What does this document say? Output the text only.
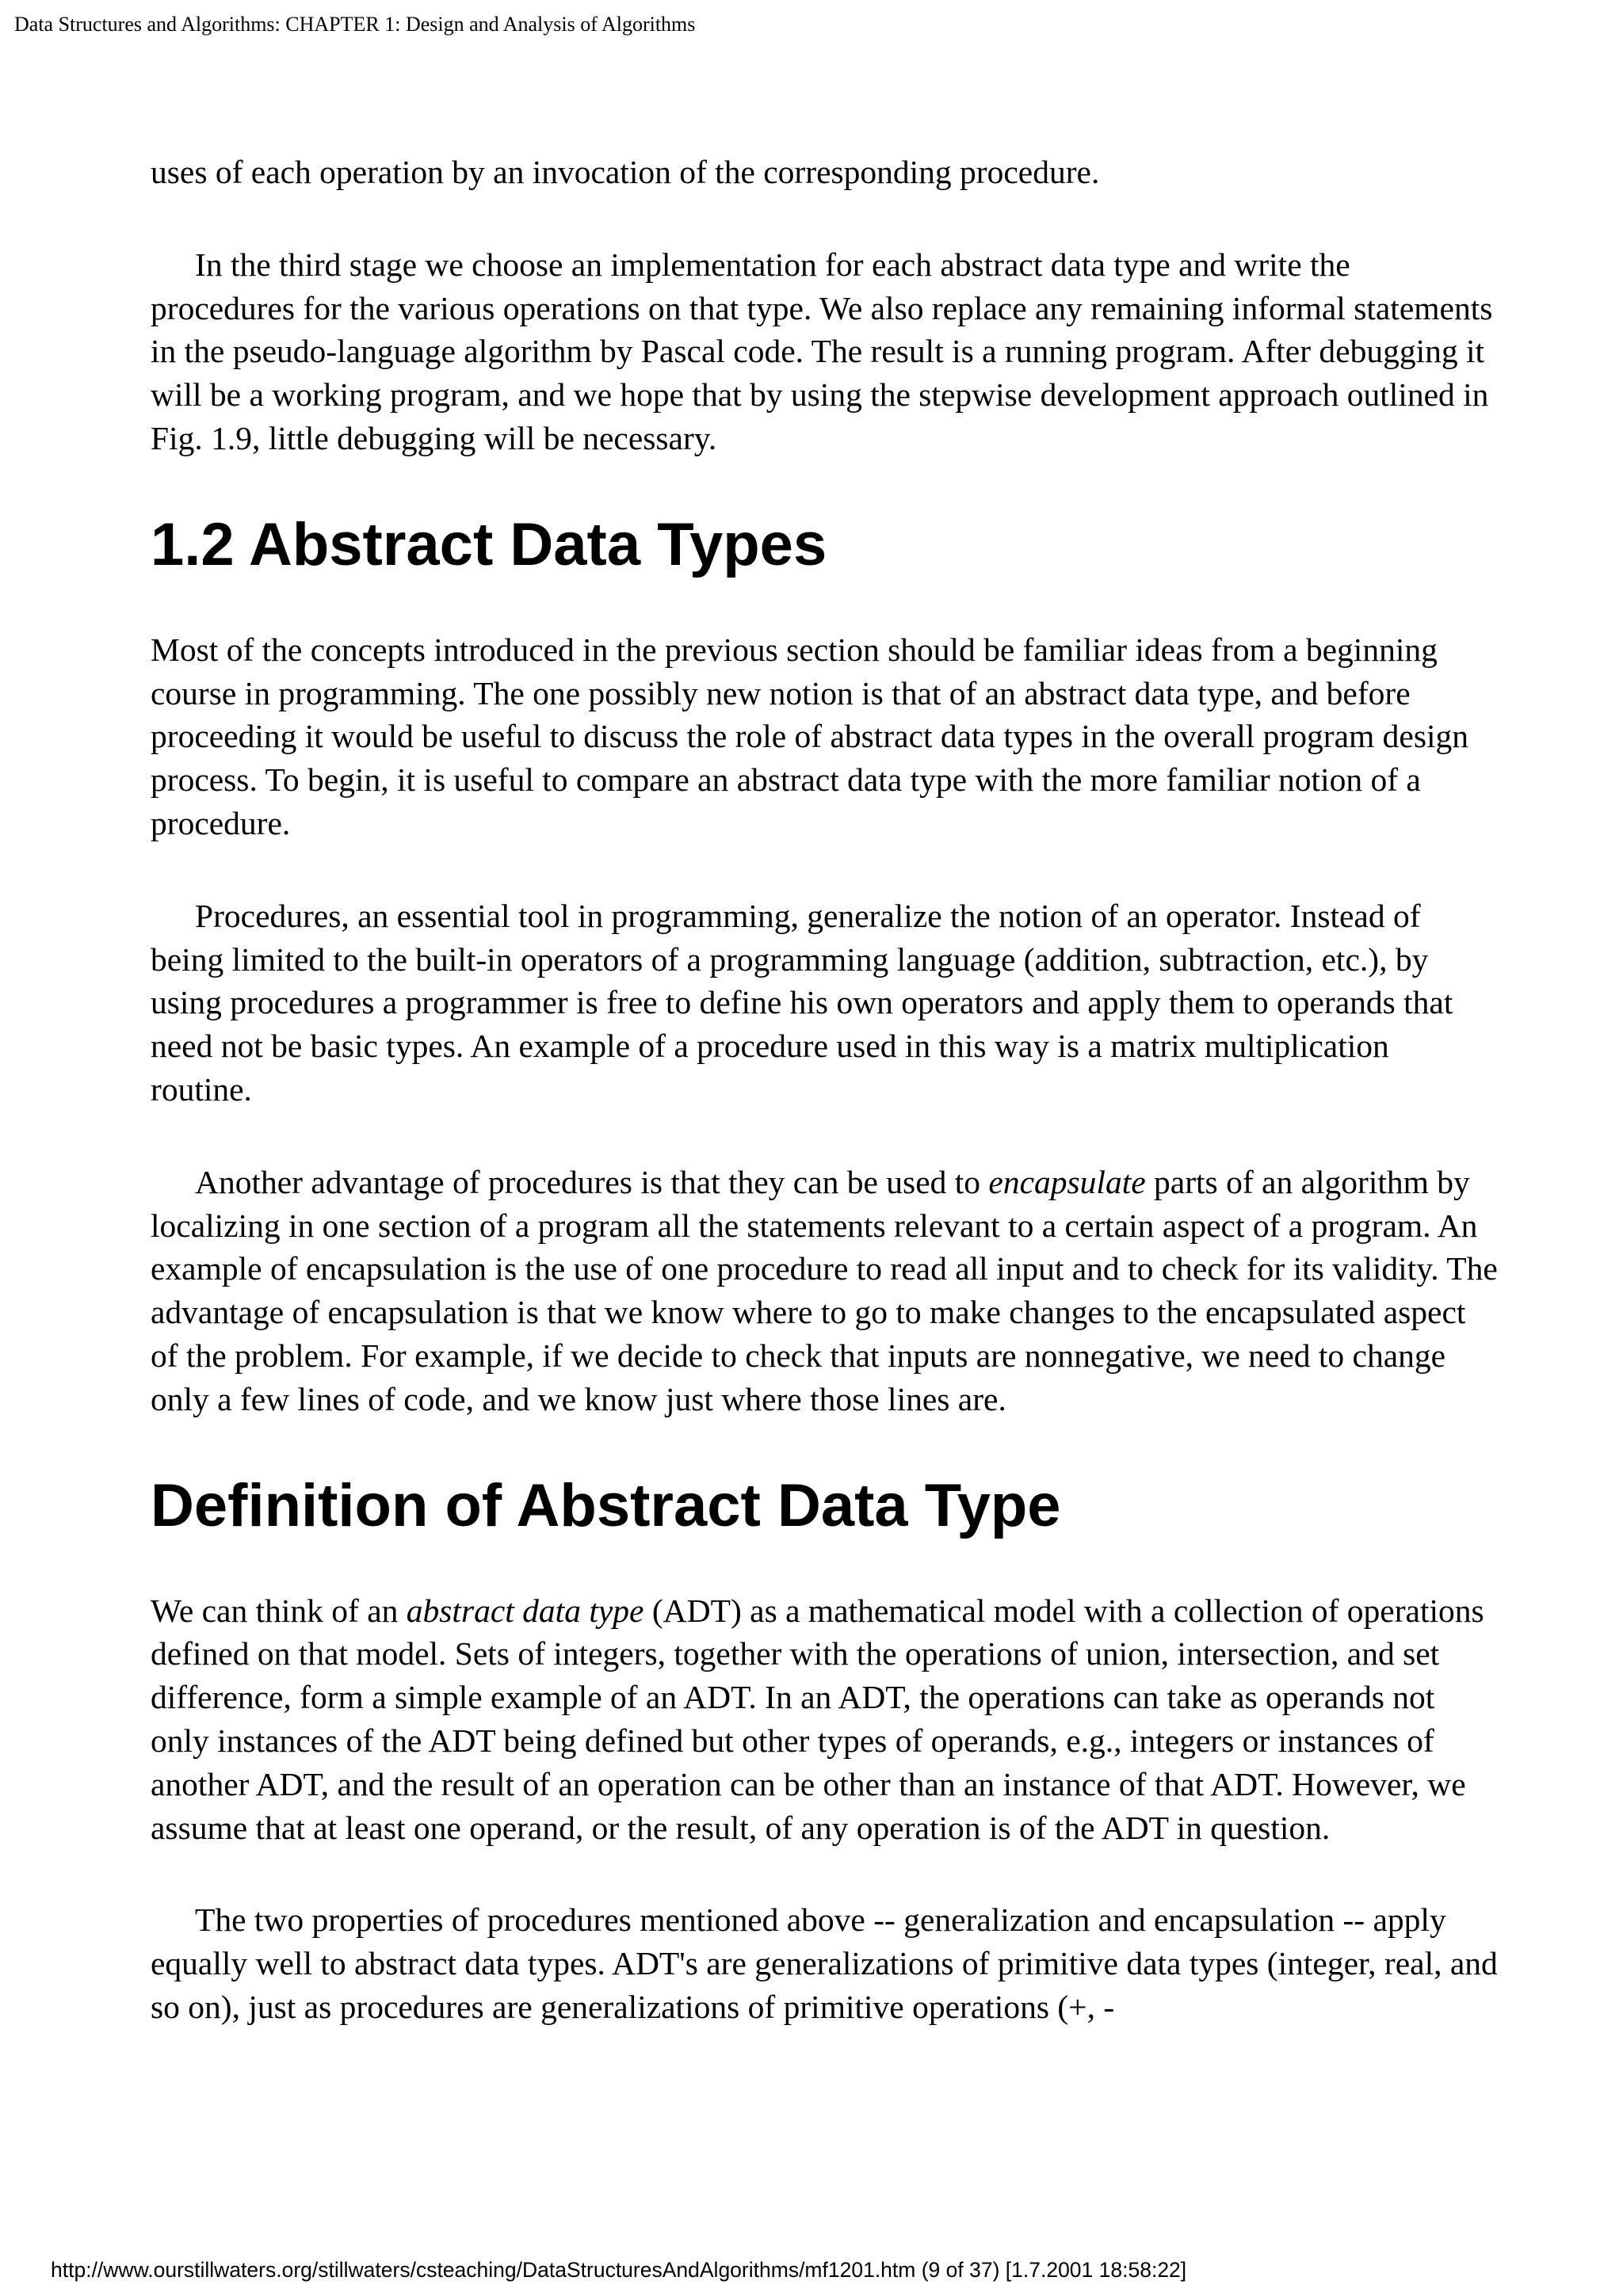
Data Structures and Algorithms: CHAPTER 1: Design and Analysis of Algorithms

uses of each operation by an invocation of the corresponding procedure.

In the third stage we choose an implementation for each abstract data type and write the procedures for the various operations on that type. We also replace any remaining informal statements in the pseudo-language algorithm by Pascal code. The result is a running program. After debugging it will be a working program, and we hope that by using the stepwise development approach outlined in Fig. 1.9, little debugging will be necessary.

1.2 Abstract Data Types

Most of the concepts introduced in the previous section should be familiar ideas from a beginning course in programming. The one possibly new notion is that of an abstract data type, and before proceeding it would be useful to discuss the role of abstract data types in the overall program design process. To begin, it is useful to compare an abstract data type with the more familiar notion of a procedure.

Procedures, an essential tool in programming, generalize the notion of an operator. Instead of being limited to the built-in operators of a programming language (addition, subtraction, etc.), by using procedures a programmer is free to define his own operators and apply them to operands that need not be basic types. An example of a procedure used in this way is a matrix multiplication routine.

Another advantage of procedures is that they can be used to encapsulate parts of an algorithm by localizing in one section of a program all the statements relevant to a certain aspect of a program. An example of encapsulation is the use of one procedure to read all input and to check for its validity. The advantage of encapsulation is that we know where to go to make changes to the encapsulated aspect of the problem. For example, if we decide to check that inputs are nonnegative, we need to change only a few lines of code, and we know just where those lines are.

Definition of Abstract Data Type

We can think of an abstract data type (ADT) as a mathematical model with a collection of operations defined on that model. Sets of integers, together with the operations of union, intersection, and set difference, form a simple example of an ADT. In an ADT, the operations can take as operands not only instances of the ADT being defined but other types of operands, e.g., integers or instances of another ADT, and the result of an operation can be other than an instance of that ADT. However, we assume that at least one operand, or the result, of any operation is of the ADT in question.

The two properties of procedures mentioned above -- generalization and encapsulation -- apply equally well to abstract data types. ADT's are generalizations of primitive data types (integer, real, and so on), just as procedures are generalizations of primitive operations (+, -

http://www.ourstillwaters.org/stillwaters/csteaching/DataStructuresAndAlgorithms/mf1201.htm (9 of 37) [1.7.2001 18:58:22]
